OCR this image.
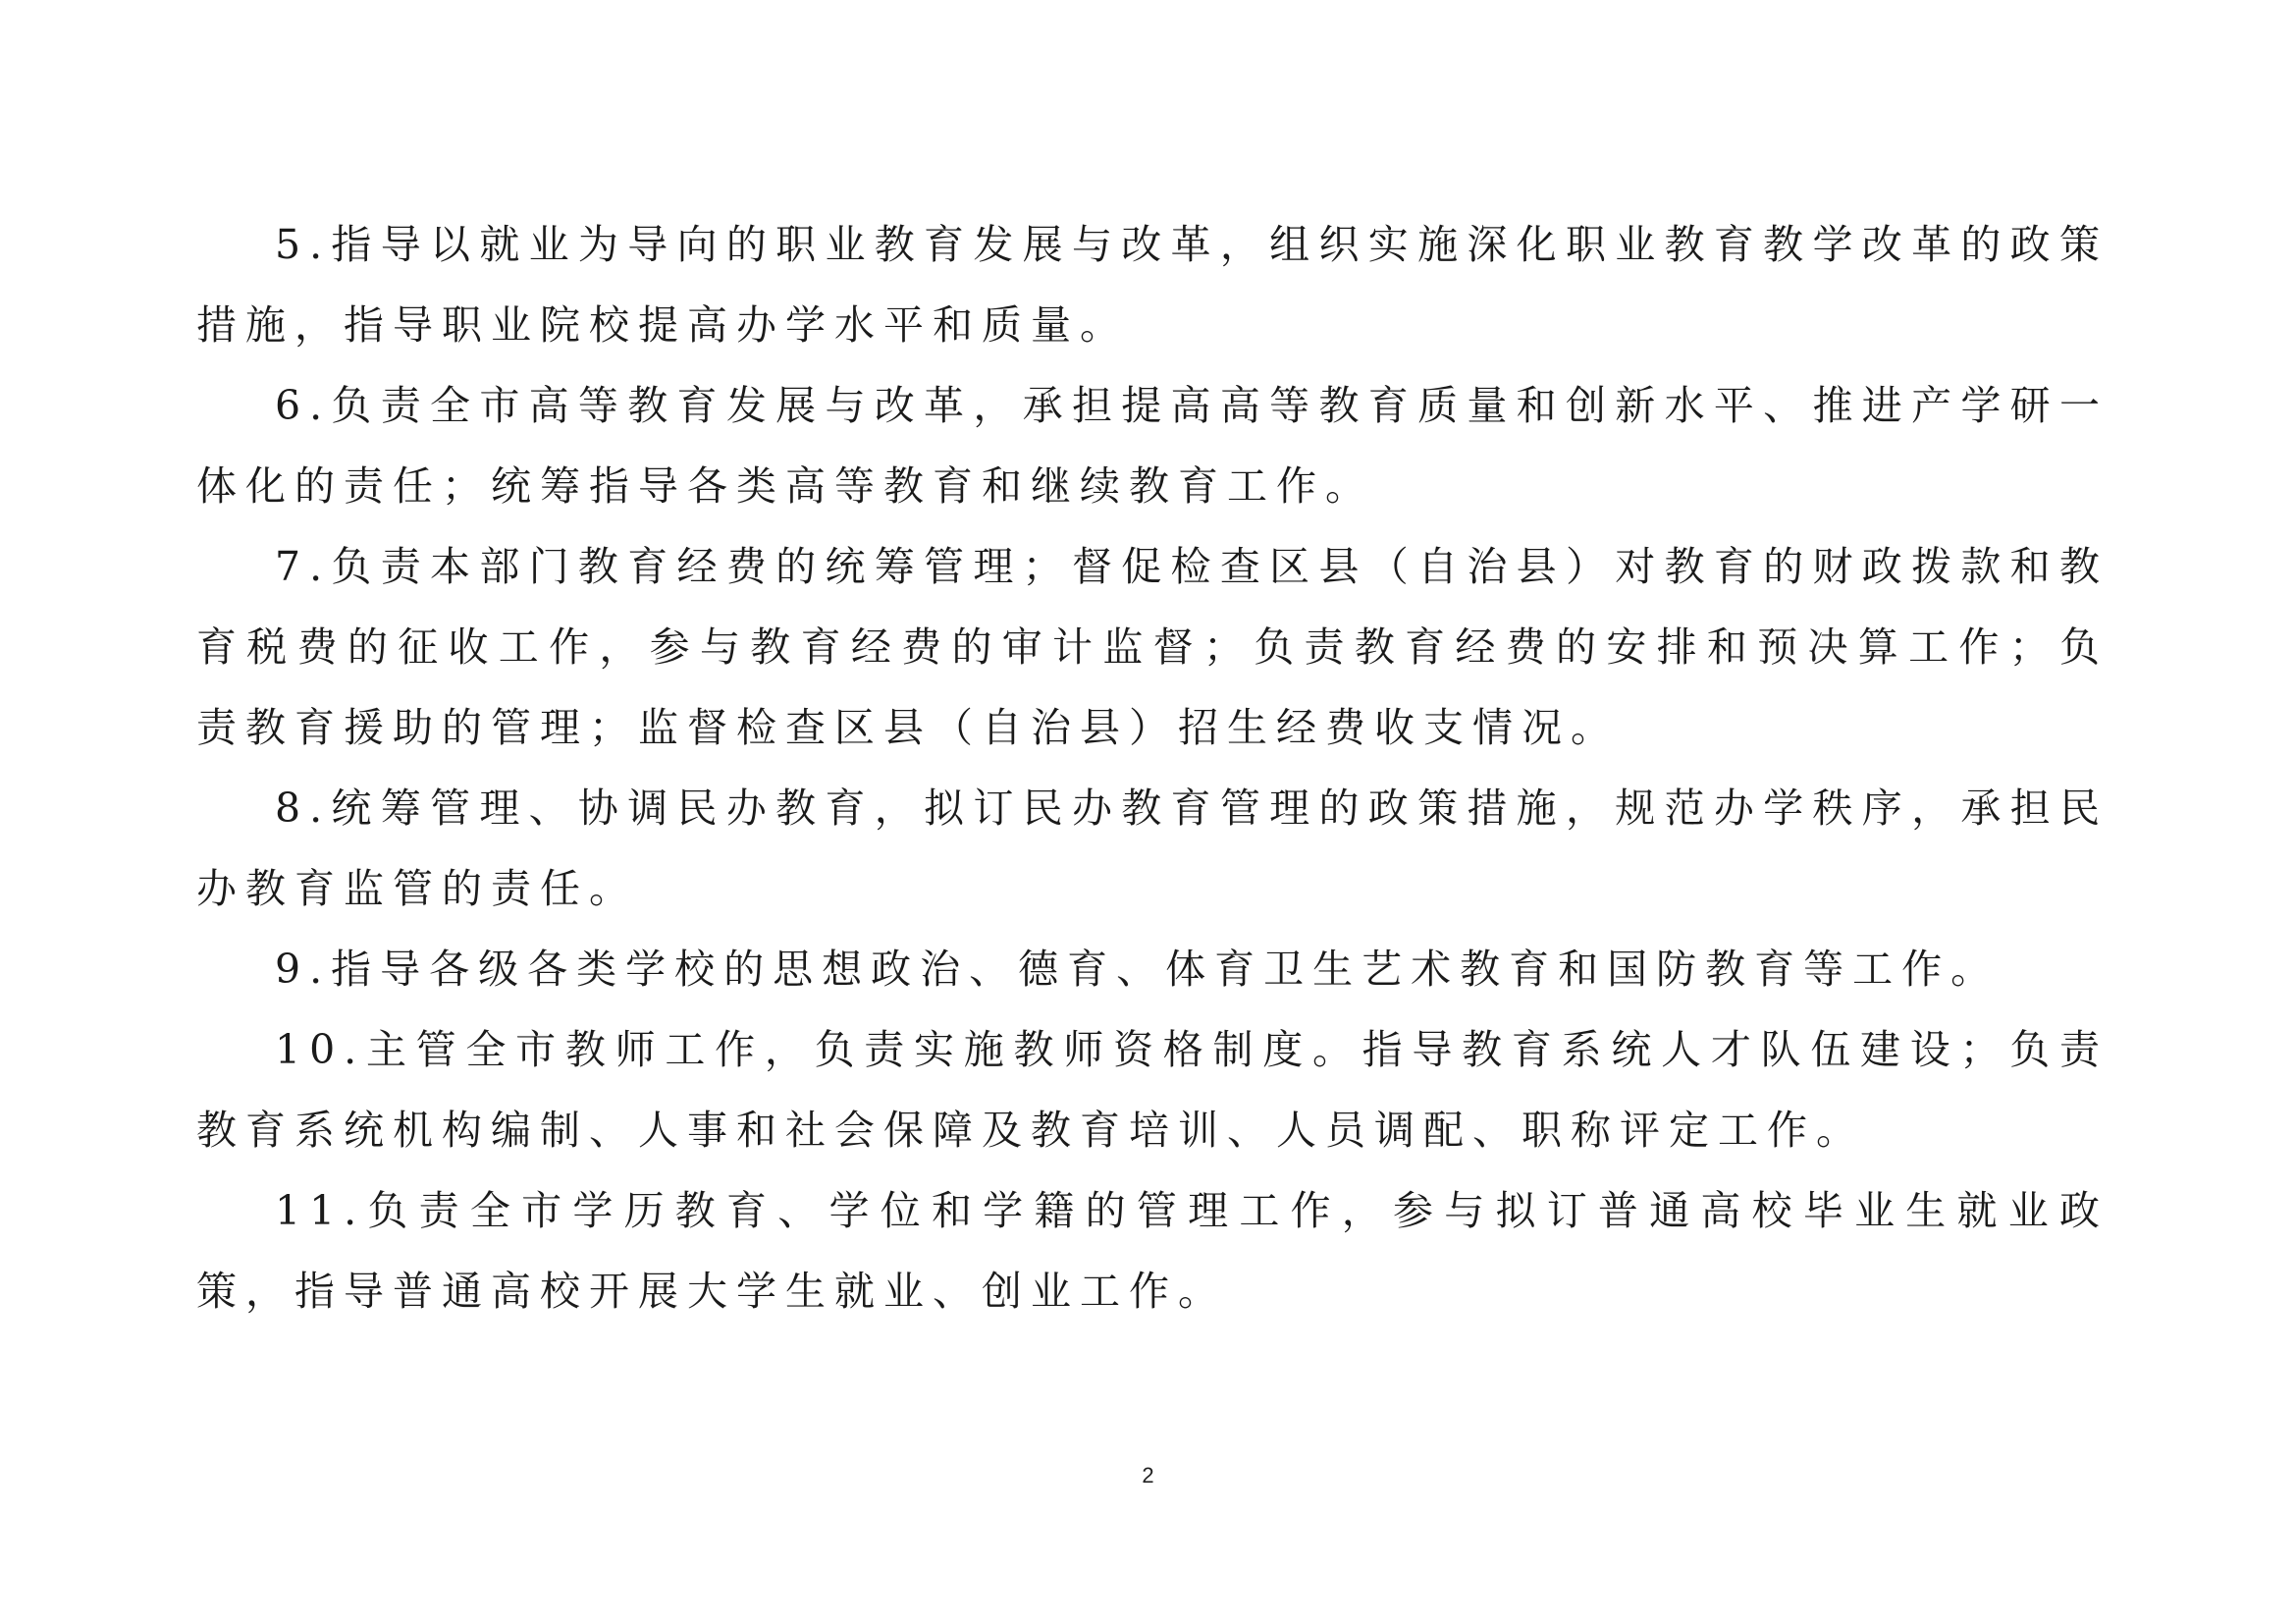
5.指导以就业为导向的职业教育发展与改革，组织实施深化职业教育教学改革的政策措施，指导职业院校提高办学水平和质量。

6.负责全市高等教育发展与改革，承担提高高等教育质量和创新水平、推进产学研一体化的责任；统筹指导各类高等教育和继续教育工作。

7.负责本部门教育经费的统筹管理；督促检查区县（自治县）对教育的财政拨款和教育税费的征收工作，参与教育经费的审计监督；负责教育经费的安排和预决算工作；负责教育援助的管理；监督检查区县（自治县）招生经费收支情况。

8.统筹管理、协调民办教育，拟订民办教育管理的政策措施，规范办学秩序，承担民办教育监管的责任。

9.指导各级各类学校的思想政治、德育、体育卫生艺术教育和国防教育等工作。

10.主管全市教师工作，负责实施教师资格制度。指导教育系统人才队伍建设；负责教育系统机构编制、人事和社会保障及教育培训、人员调配、职称评定工作。

11.负责全市学历教育、学位和学籍的管理工作，参与拟订普通高校毕业生就业政策，指导普通高校开展大学生就业、创业工作。

2
